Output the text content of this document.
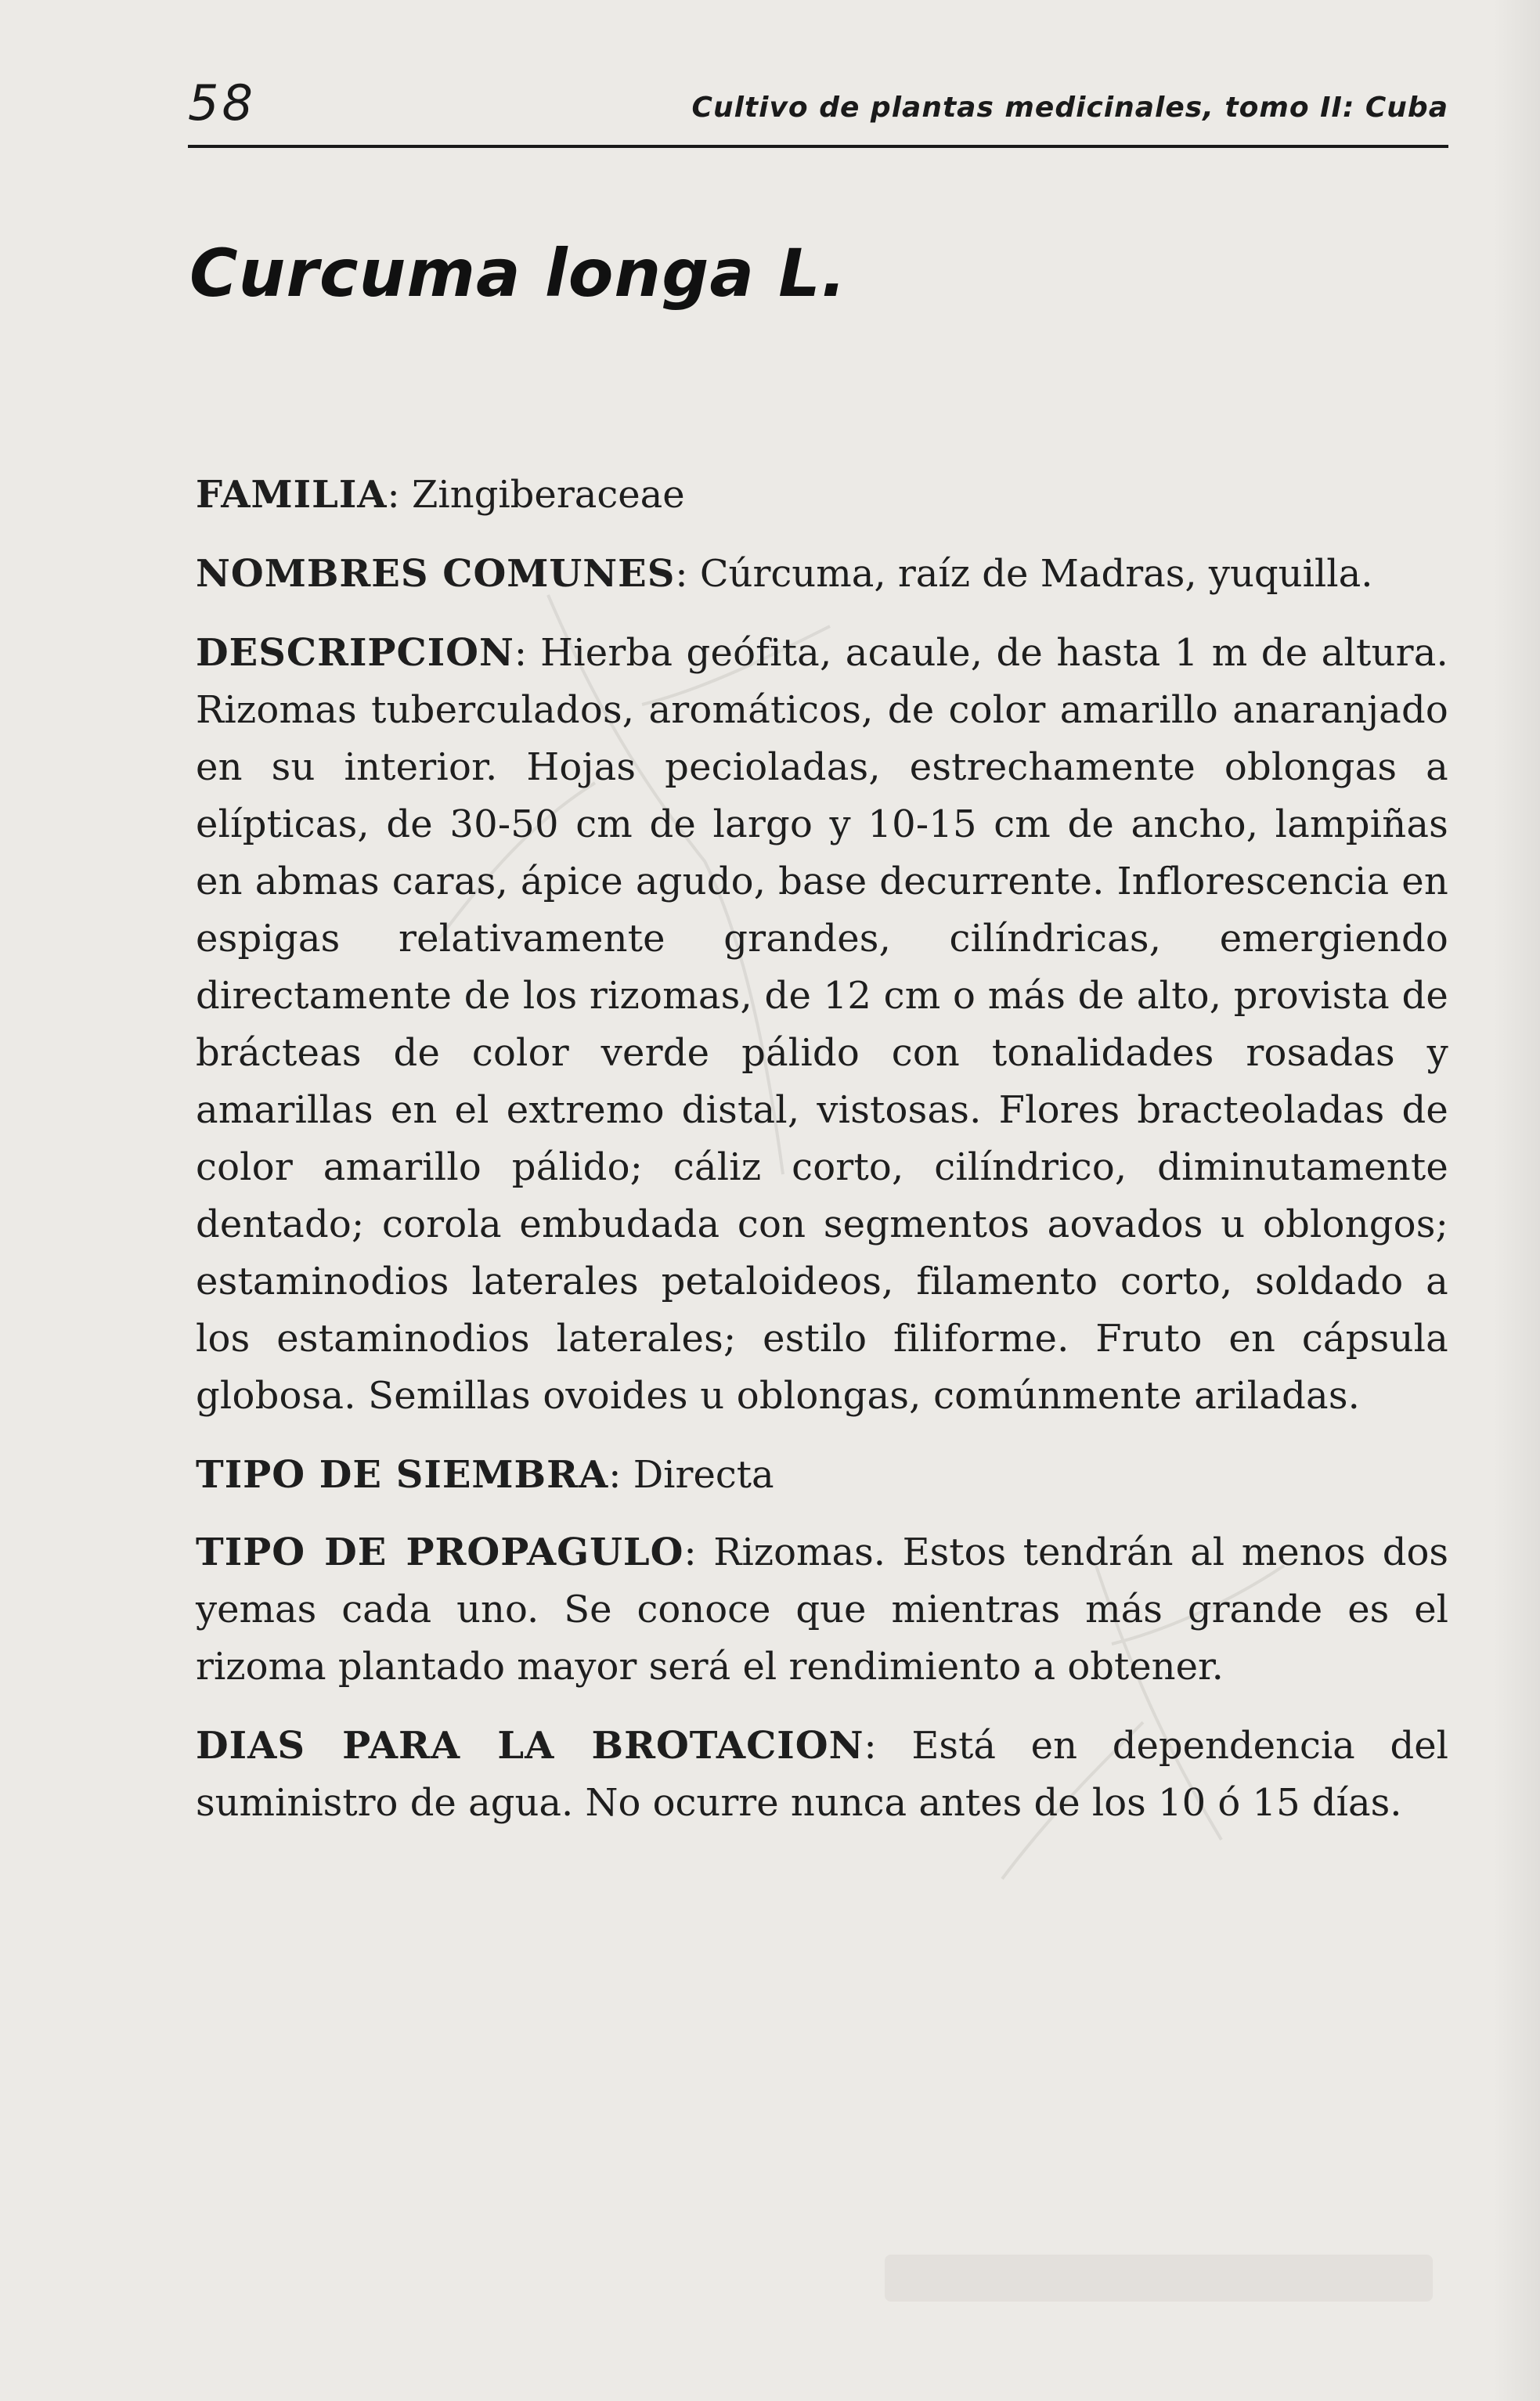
58	Cultivo de plantas medicinales, tomo II: Cuba
Curcuma longa L.

FAMILIA: Zingiberaceae

NOMBRES COMUNES: Cúrcuma, raíz de Madras, yuquilla.

DESCRIPCION: Hierba geófita, acaule, de hasta 1 m de altura. Rizomas tuberculados, aromáticos, de color amarillo anaranjado en su interior. Hojas pecioladas, estrechamente oblongas a elípticas, de 30-50 cm de largo y 10-15 cm de ancho, lampiñas en abmas caras, ápice agudo, base decurrente. Inflorescencia en espigas relativamente grandes, cilíndricas, emergiendo directamente de los rizomas, de 12 cm o más de alto, provista de brácteas de color verde pálido con tonalidades rosadas y amarillas en el extremo distal, vistosas. Flores bracteoladas de color amarillo pálido; cáliz corto, cilíndrico, diminutamente dentado; corola embudada con segmentos aovados u oblongos; estaminodios laterales petaloideos, filamento corto, soldado a los estaminodios laterales; estilo filiforme. Fruto en cápsula globosa. Semillas ovoides u oblongas, comúnmente ariladas.

TIPO DE SIEMBRA: Directa

TIPO DE PROPAGULO: Rizomas. Estos tendrán al menos dos yemas cada uno. Se conoce que mientras más grande es el rizoma plantado mayor será el rendimiento a obtener.

DIAS PARA LA BROTACION: Está en dependencia del suministro de agua. No ocurre nunca antes de los 10 ó 15 días.
